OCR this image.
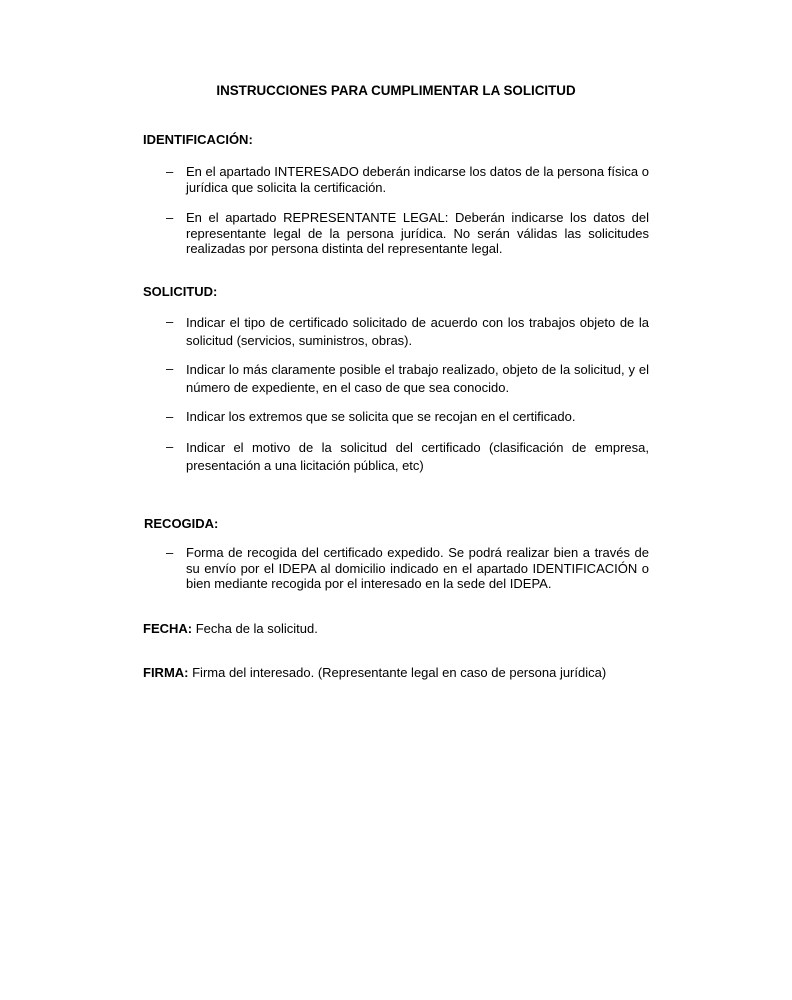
INSTRUCCIONES PARA CUMPLIMENTAR LA SOLICITUD
IDENTIFICACIÓN:
– En el apartado INTERESADO deberán indicarse los datos de la persona física o jurídica que solicita la certificación.
– En el apartado REPRESENTANTE LEGAL: Deberán indicarse los datos del representante legal de la persona jurídica. No serán válidas las solicitudes realizadas por persona distinta del representante legal.
SOLICITUD:
– Indicar el tipo de certificado solicitado de acuerdo con los trabajos objeto de la solicitud (servicios, suministros, obras).
– Indicar lo más claramente posible el trabajo realizado, objeto de la solicitud, y el número de expediente, en el caso de que sea conocido.
– Indicar los extremos que se solicita que se recojan en el certificado.
– Indicar el motivo de la solicitud del certificado (clasificación de empresa, presentación a una licitación pública, etc)
RECOGIDA:
– Forma de recogida del certificado expedido. Se podrá realizar bien a través de su envío por el IDEPA al domicilio indicado en el apartado IDENTIFICACIÓN o bien mediante recogida por el interesado en la sede del IDEPA.
FECHA: Fecha de la solicitud.
FIRMA: Firma del interesado. (Representante legal en caso de persona jurídica)
